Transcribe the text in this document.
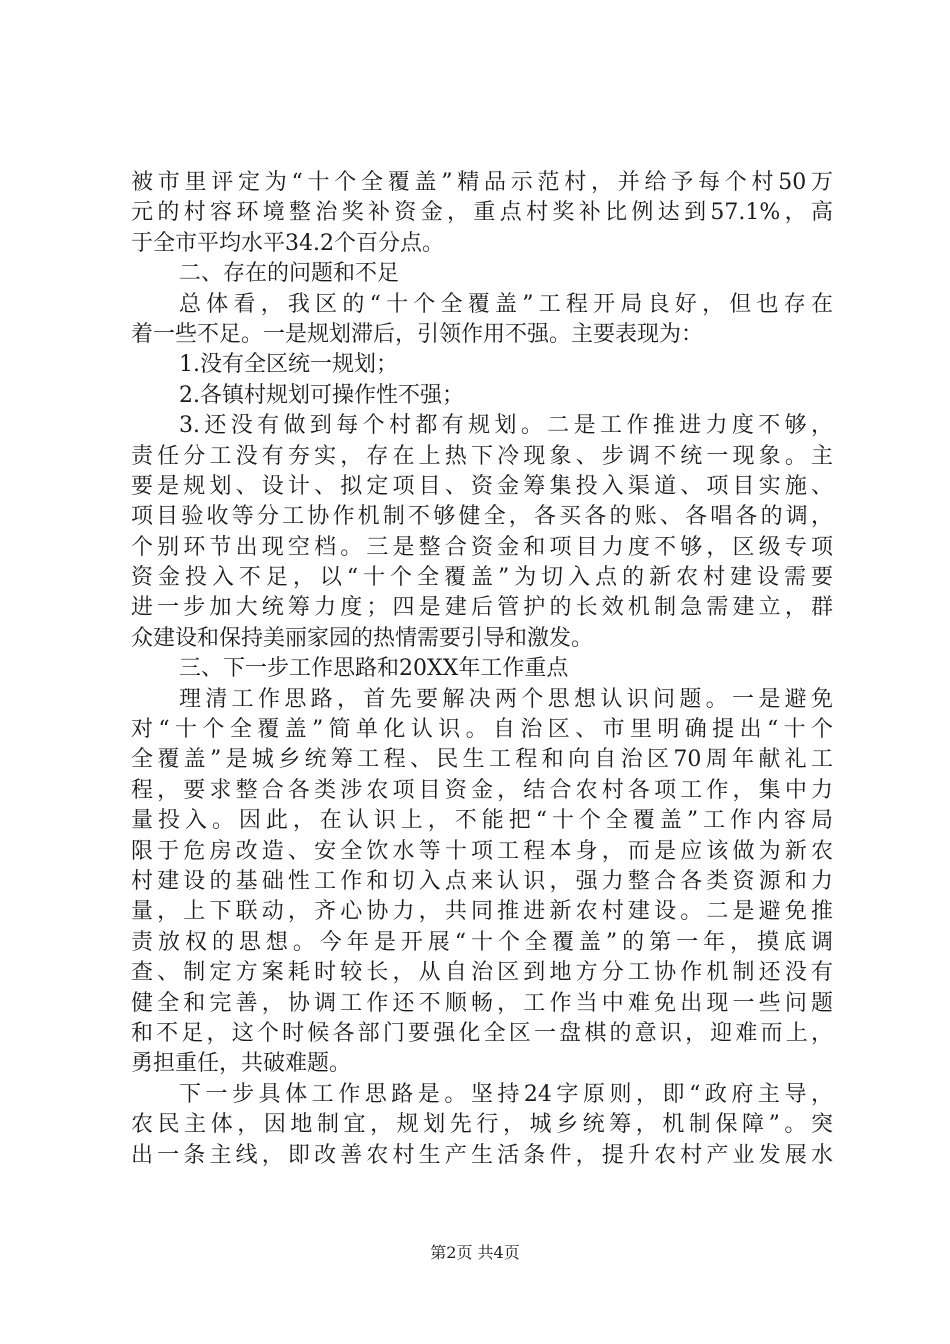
被市里评定为“十个全覆盖”精品示范村，并给予每个村50万
元的村容环境整治奖补资金，重点村奖补比例达到57.1%，高
于全市平均水平34.2个百分点。
二、存在的问题和不足
总体看，我区的“十个全覆盖”工程开局良好，但也存在
着一些不足。一是规划滞后，引领作用不强。主要表现为：
1.没有全区统一规划；
2.各镇村规划可操作性不强；
3.还没有做到每个村都有规划。二是工作推进力度不够，
责任分工没有夯实，存在上热下冷现象、步调不统一现象。主
要是规划、设计、拟定项目、资金筹集投入渠道、项目实施、
项目验收等分工协作机制不够健全，各买各的账、各唱各的调，
个别环节出现空档。三是整合资金和项目力度不够，区级专项
资金投入不足，以“十个全覆盖”为切入点的新农村建设需要
进一步加大统筹力度；四是建后管护的长效机制急需建立，群
众建设和保持美丽家园的热情需要引导和激发。
三、下一步工作思路和20XX年工作重点
理清工作思路，首先要解决两个思想认识问题。一是避免
对“十个全覆盖”简单化认识。自治区、市里明确提出“十个
全覆盖”是城乡统筹工程、民生工程和向自治区70周年献礼工
程，要求整合各类涉农项目资金，结合农村各项工作，集中力
量投入。因此，在认识上，不能把“十个全覆盖”工作内容局
限于危房改造、安全饮水等十项工程本身，而是应该做为新农
村建设的基础性工作和切入点来认识，强力整合各类资源和力
量，上下联动，齐心协力，共同推进新农村建设。二是避免推
责放权的思想。今年是开展“十个全覆盖”的第一年，摸底调
查、制定方案耗时较长，从自治区到地方分工协作机制还没有
健全和完善，协调工作还不顺畅，工作当中难免出现一些问题
和不足，这个时候各部门要强化全区一盘棋的意识，迎难而上，
勇担重任，共破难题。
下一步具体工作思路是。坚持24字原则，即“政府主导，
农民主体，因地制宜，规划先行，城乡统筹，机制保障”。突
出一条主线，即改善农村生产生活条件，提升农村产业发展水
第2页 共4页
